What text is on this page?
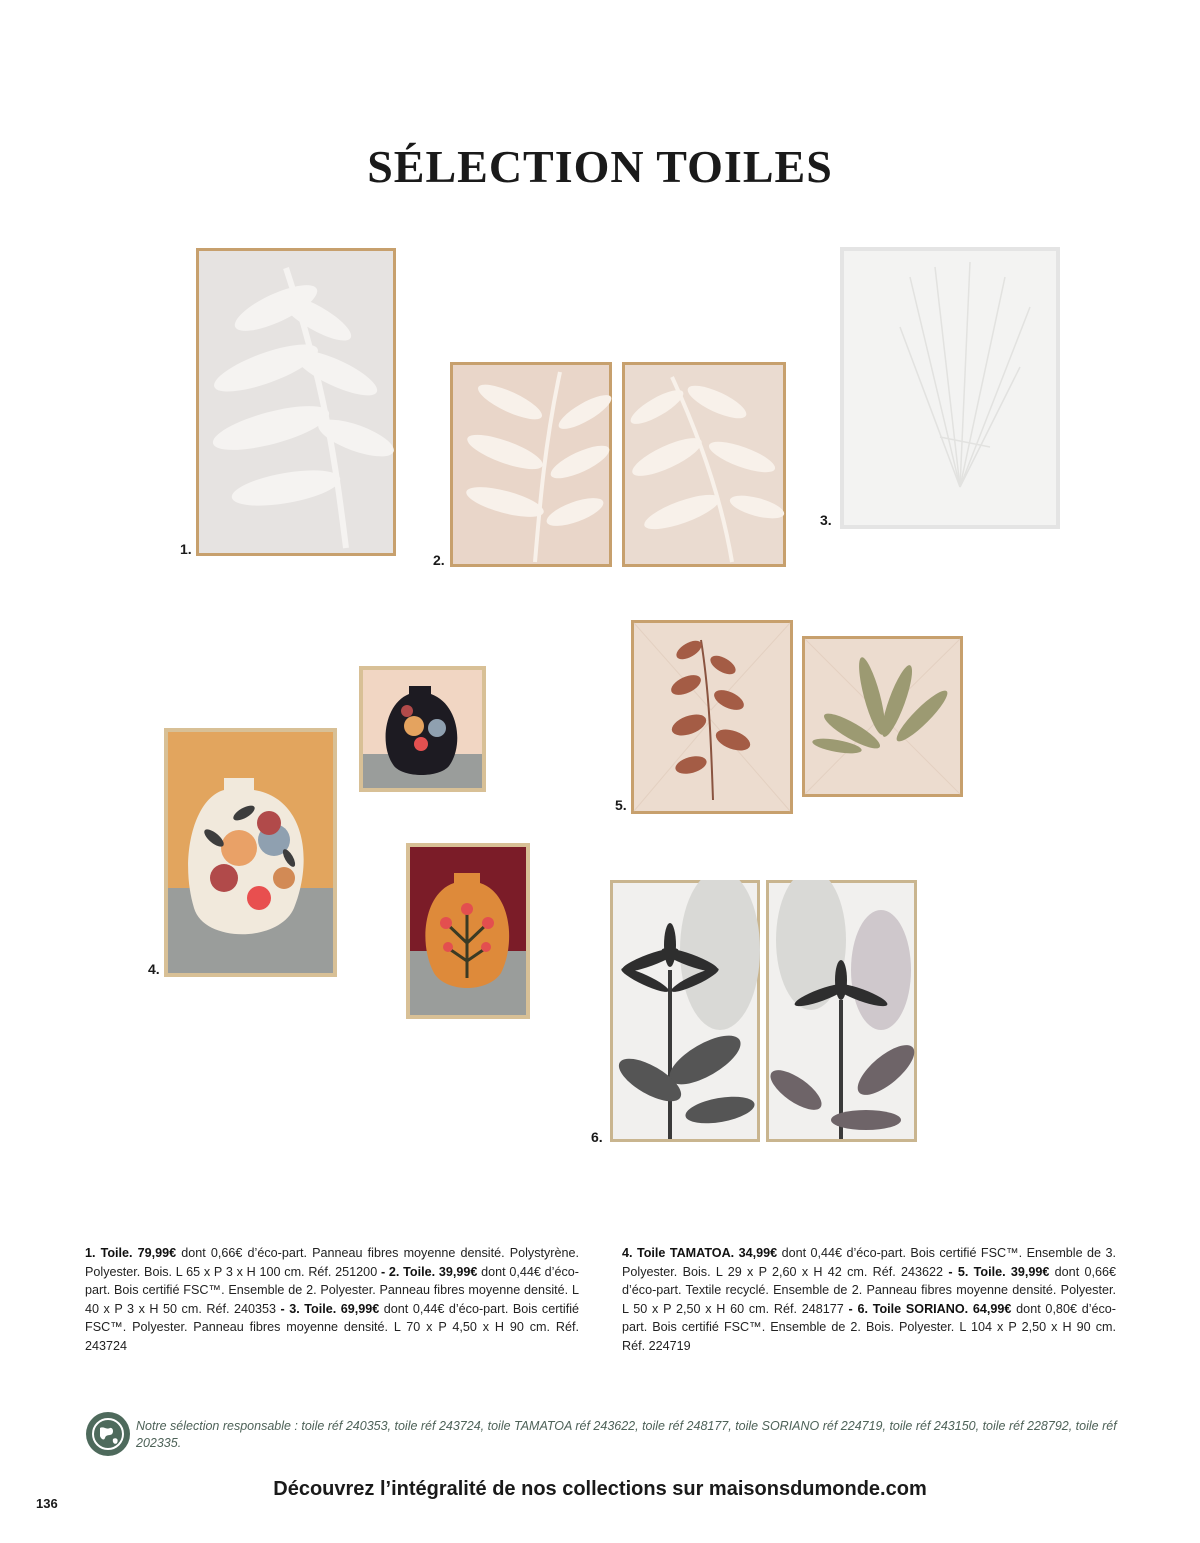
SÉLECTION TOILES
1.
2.
3.
4.
5.
6.
1. Toile. 79,99€ dont 0,66€ d’éco-part. Panneau fibres moyenne densité. Polystyrène. Polyester. Bois. L 65 x P 3 x H 100 cm. Réf. 251200 - 2. Toile. 39,99€ dont 0,44€ d’éco-part. Bois certifié FSC™. Ensemble de 2. Polyester. Panneau fibres moyenne densité. L 40 x P 3 x H 50 cm. Réf. 240353 - 3. Toile. 69,99€ dont 0,44€ d’éco-part. Bois certifié FSC™. Polyester. Panneau fibres moyenne densité. L 70 x P 4,50 x H 90 cm. Réf. 243724
4. Toile TAMATOA. 34,99€ dont 0,44€ d’éco-part. Bois certifié FSC™. Ensemble de 3. Polyester. Bois. L 29 x P 2,60 x H 42 cm. Réf. 243622 - 5. Toile. 39,99€ dont 0,66€ d’éco-part. Textile recyclé. Ensemble de 2. Panneau fibres moyenne densité. Polyester. L 50 x P 2,50 x H 60 cm. Réf. 248177 - 6. Toile SORIANO. 64,99€ dont 0,80€ d’éco-part. Bois certifié FSC™. Ensemble de 2. Bois. Polyester. L 104 x P 2,50 x H 90 cm. Réf. 224719
Notre sélection responsable : toile réf 240353, toile réf 243724, toile TAMATOA réf 243622, toile réf 248177, toile SORIANO réf 224719, toile réf 243150, toile réf 228792, toile réf 202335.
Découvrez l’intégralité de nos collections sur maisonsdumonde.com
136
